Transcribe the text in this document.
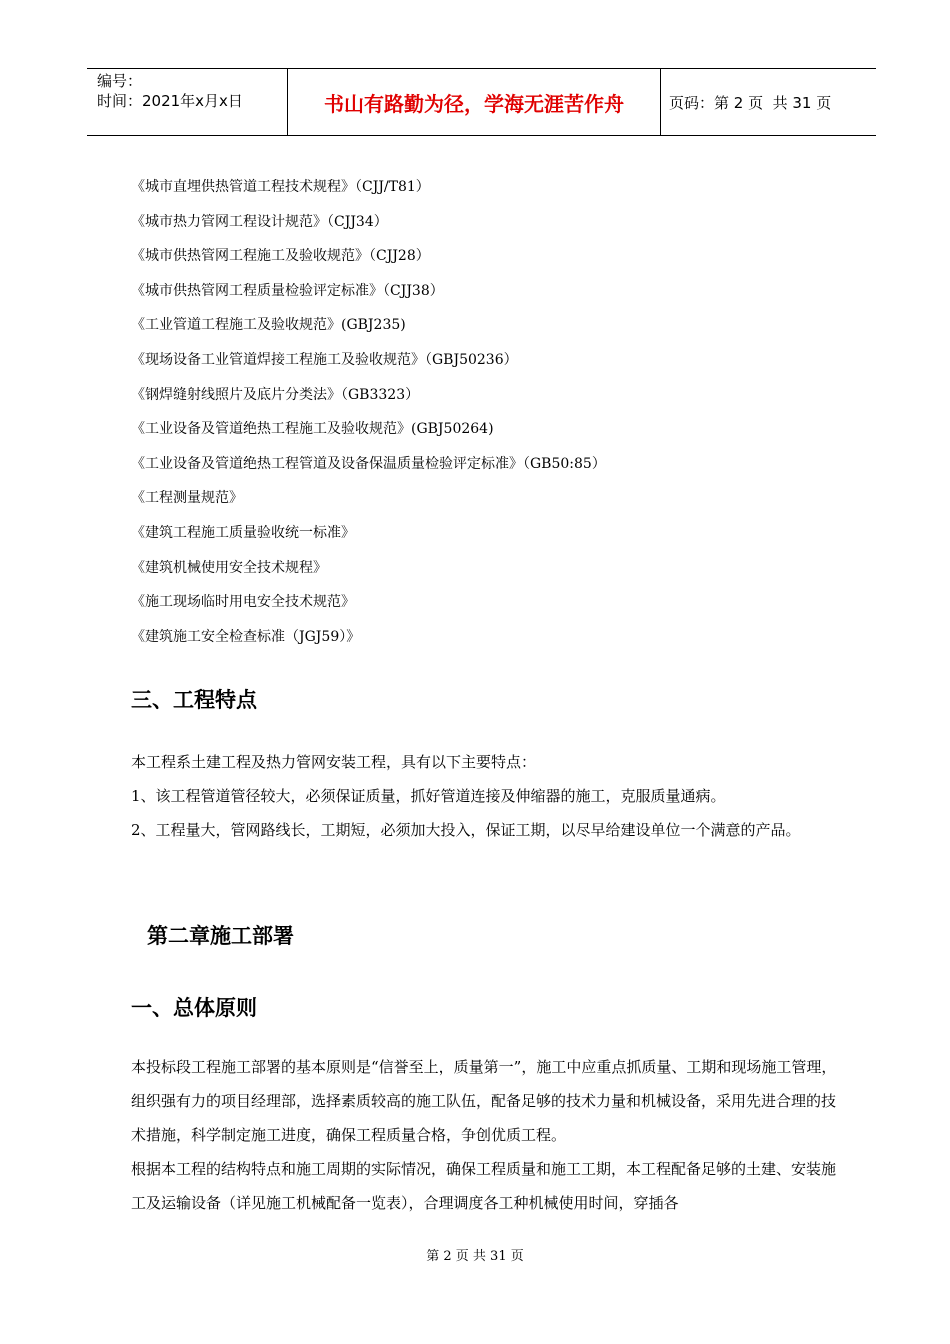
编号：
时间：2021年x月x日	书山有路勤为径，学海无涯苦作舟	页码：第 2 页  共 31 页
《城市直埋供热管道工程技术规程》（CJJ/T81）
《城市热力管网工程设计规范》（CJJ34）
《城市供热管网工程施工及验收规范》（CJJ28）
《城市供热管网工程质量检验评定标准》（CJJ38）
《工业管道工程施工及验收规范》(GBJ235)
《现场设备工业管道焊接工程施工及验收规范》（GBJ50236）
《钢焊缝射线照片及底片分类法》（GB3323）
《工业设备及管道绝热工程施工及验收规范》(GBJ50264)
《工业设备及管道绝热工程管道及设备保温质量检验评定标准》（GB50:85）
《工程测量规范》
《建筑工程施工质量验收统一标准》
《建筑机械使用安全技术规程》
《施工现场临时用电安全技术规范》
《建筑施工安全检查标准（JGJ59）》
三、工程特点

本工程系土建工程及热力管网安装工程，具有以下主要特点：

1、该工程管道管径较大，必须保证质量，抓好管道连接及伸缩器的施工，克服质量通病。

2、工程量大，管网路线长，工期短，必须加大投入，保证工期，以尽早给建设单位一个满意的产品。

第二章施工部署
一、总体原则

本投标段工程施工部署的基本原则是“信誉至上，质量第一”，施工中应重点抓质量、工期和现场施工管理，组织强有力的项目经理部，选择素质较高的施工队伍，配备足够的技术力量和机械设备，采用先进合理的技术措施，科学制定施工进度，确保工程质量合格，争创优质工程。

根据本工程的结构特点和施工周期的实际情况，确保工程质量和施工工期，本工程配备足够的土建、安装施工及运输设备（详见施工机械配备一览表），合理调度各工种机械使用时间，穿插各

第 2 页 共 31 页
